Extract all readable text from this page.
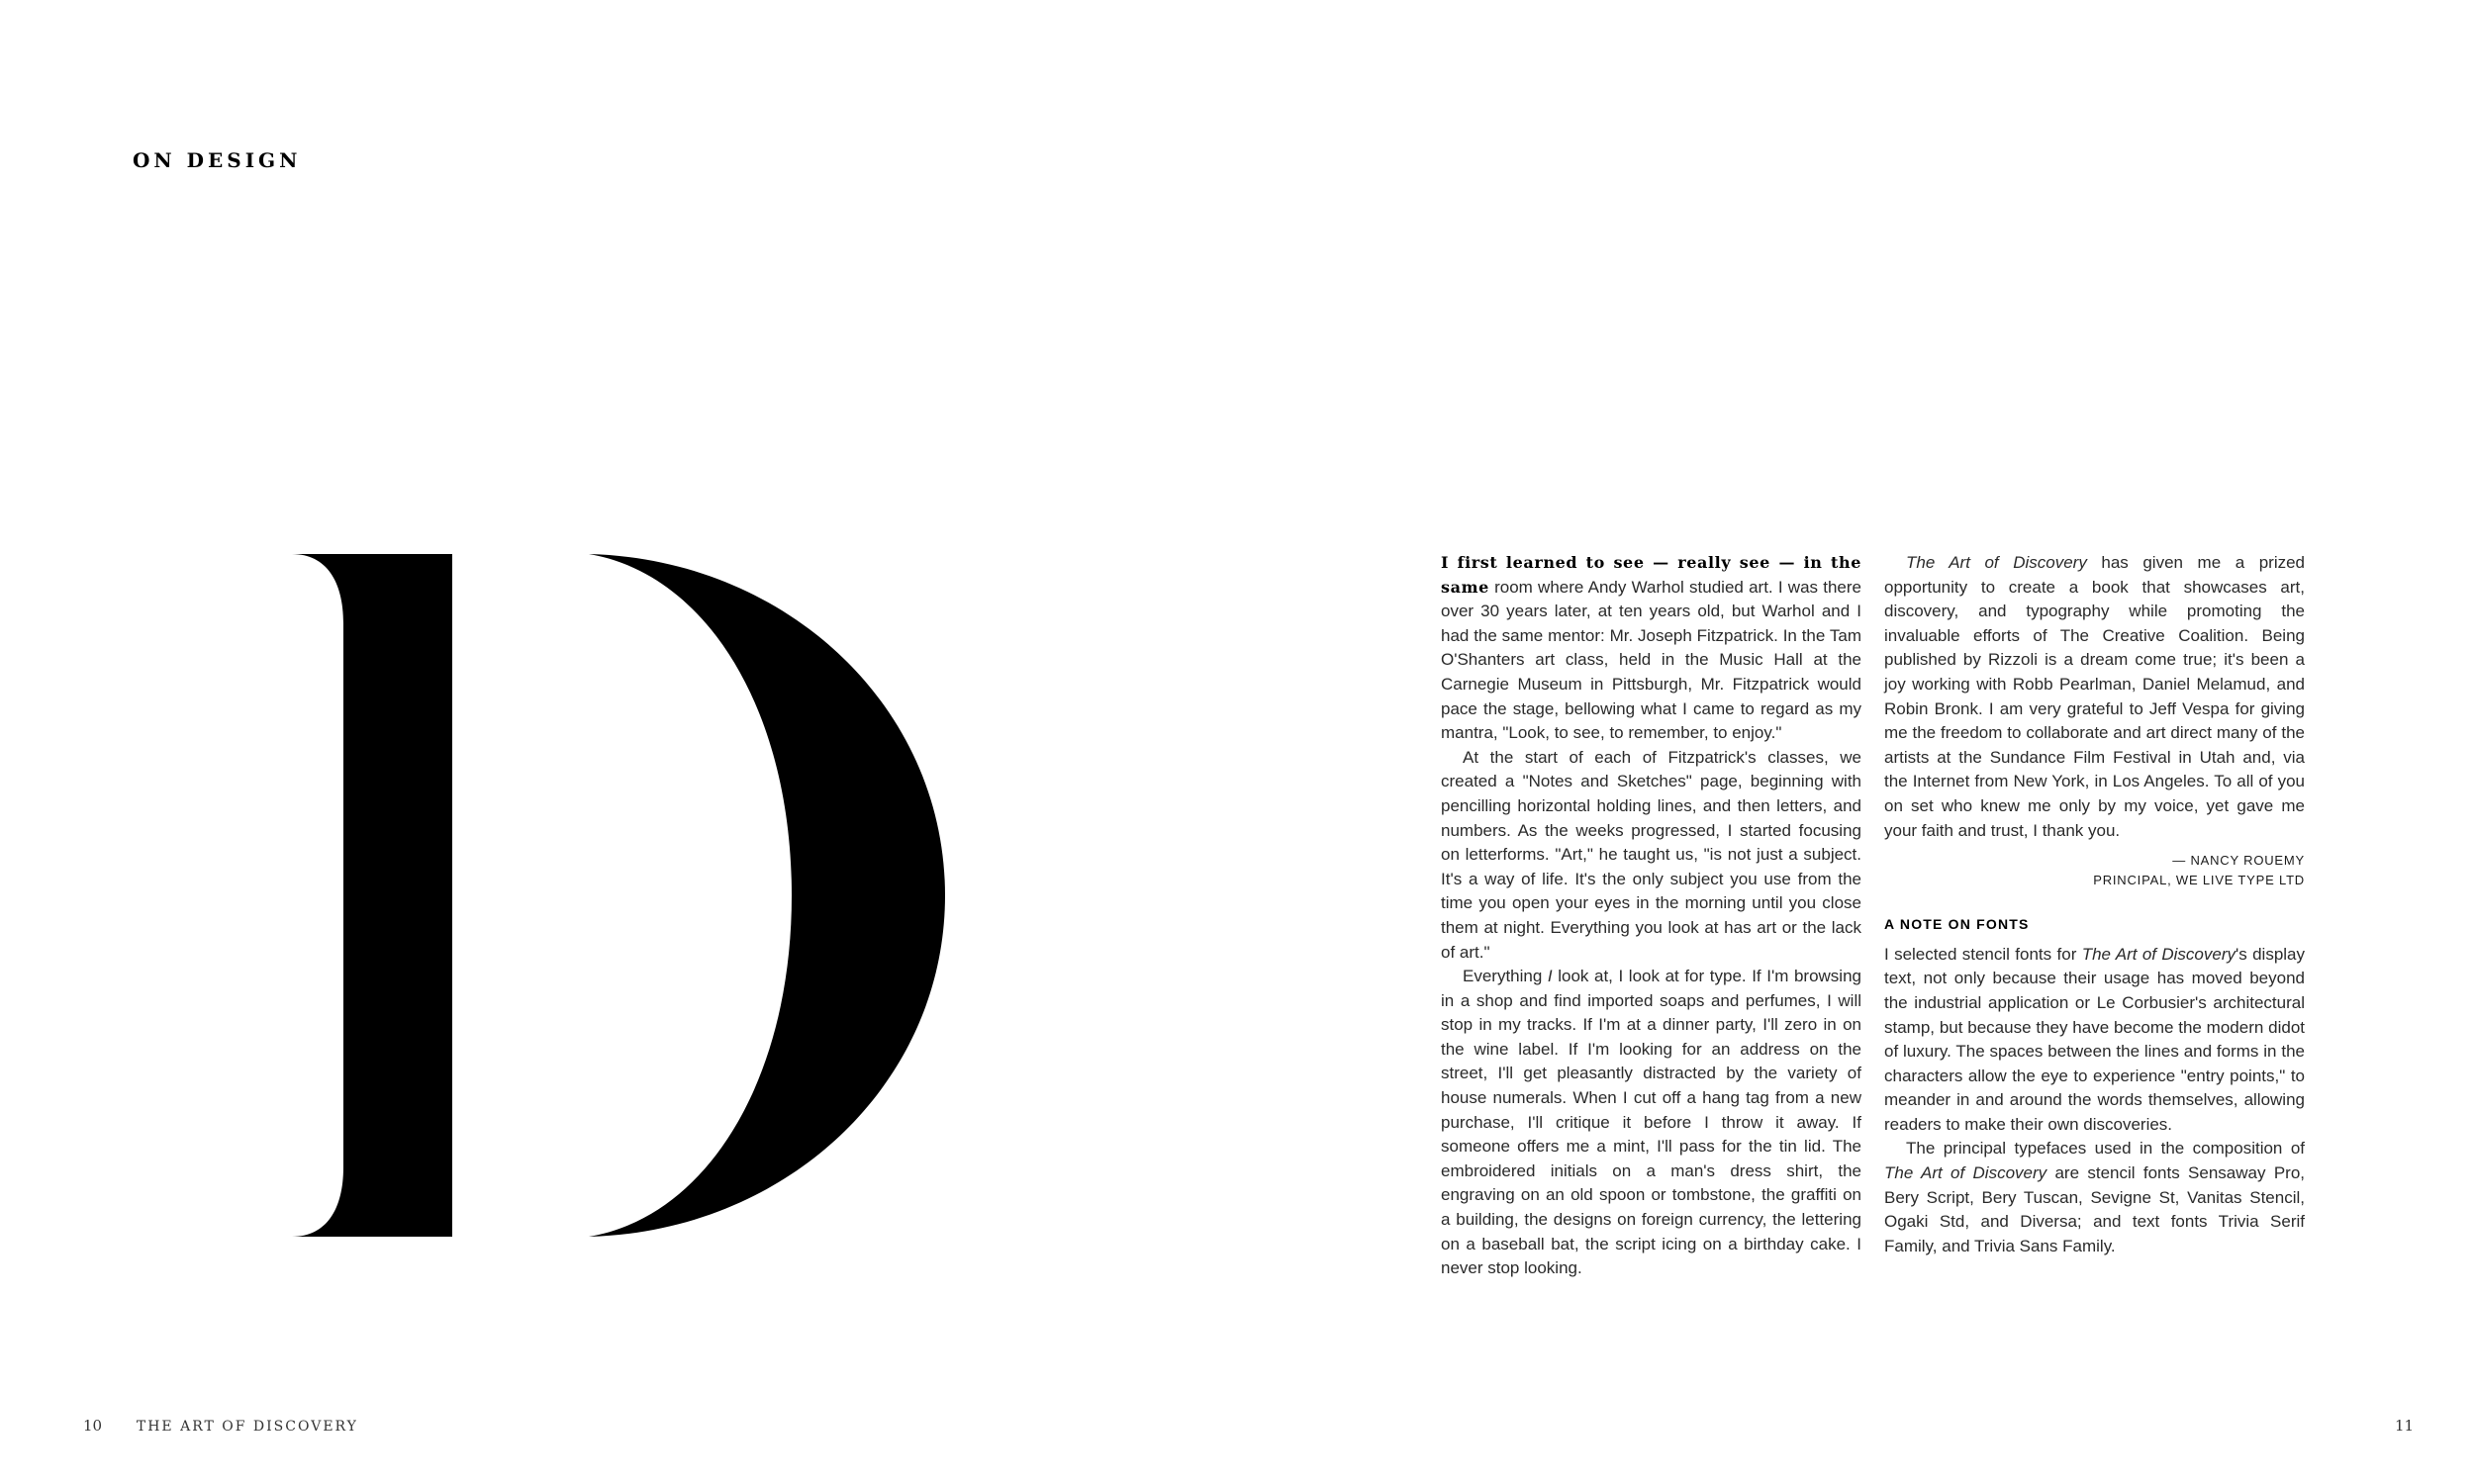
ON DESIGN

I first learned to see — really see — in the same room where Andy Warhol studied art. I was there over 30 years later, at ten years old, but Warhol and I had the same mentor: Mr. Joseph Fitzpatrick. In the Tam O'Shanters art class, held in the Music Hall at the Carnegie Museum in Pittsburgh, Mr. Fitzpatrick would pace the stage, bellowing what I came to regard as my mantra, "Look, to see, to remember, to enjoy."

At the start of each of Fitzpatrick's classes, we created a "Notes and Sketches" page, beginning with pencilling horizontal holding lines, and then letters, and numbers. As the weeks progressed, I started focusing on letterforms. "Art," he taught us, "is not just a subject. It's a way of life. It's the only subject you use from the time you open your eyes in the morning until you close them at night. Everything you look at has art or the lack of art."

Everything I look at, I look at for type. If I'm browsing in a shop and find imported soaps and perfumes, I will stop in my tracks. If I'm at a dinner party, I'll zero in on the wine label. If I'm looking for an address on the street, I'll get pleasantly distracted by the variety of house numerals. When I cut off a hang tag from a new purchase, I'll critique it before I throw it away. If someone offers me a mint, I'll pass for the tin lid. The embroidered initials on a man's dress shirt, the engraving on an old spoon or tombstone, the graffiti on a building, the designs on foreign currency, the lettering on a baseball bat, the script icing on a birthday cake. I never stop looking.

The Art of Discovery has given me a prized opportunity to create a book that showcases art, discovery, and typography while promoting the invaluable efforts of The Creative Coalition. Being published by Rizzoli is a dream come true; it's been a joy working with Robb Pearlman, Daniel Melamud, and Robin Bronk. I am very grateful to Jeff Vespa for giving me the freedom to collaborate and art direct many of the artists at the Sundance Film Festival in Utah and, via the Internet from New York, in Los Angeles. To all of you on set who knew me only by my voice, yet gave me your faith and trust, I thank you.

— NANCY ROUEMY
PRINCIPAL, WE LIVE TYPE LTD
A NOTE ON FONTS

I selected stencil fonts for The Art of Discovery's display text, not only because their usage has moved beyond the industrial application or Le Corbusier's architectural stamp, but because they have become the modern didot of luxury. The spaces between the lines and forms in the characters allow the eye to experience "entry points," to meander in and around the words themselves, allowing readers to make their own discoveries.

The principal typefaces used in the composition of The Art of Discovery are stencil fonts Sensaway Pro, Bery Script, Bery Tuscan, Sevigne St, Vanitas Stencil, Ogaki Std, and Diversa; and text fonts Trivia Serif Family, and Trivia Sans Family.

10 THE ART OF DISCOVERY	11
